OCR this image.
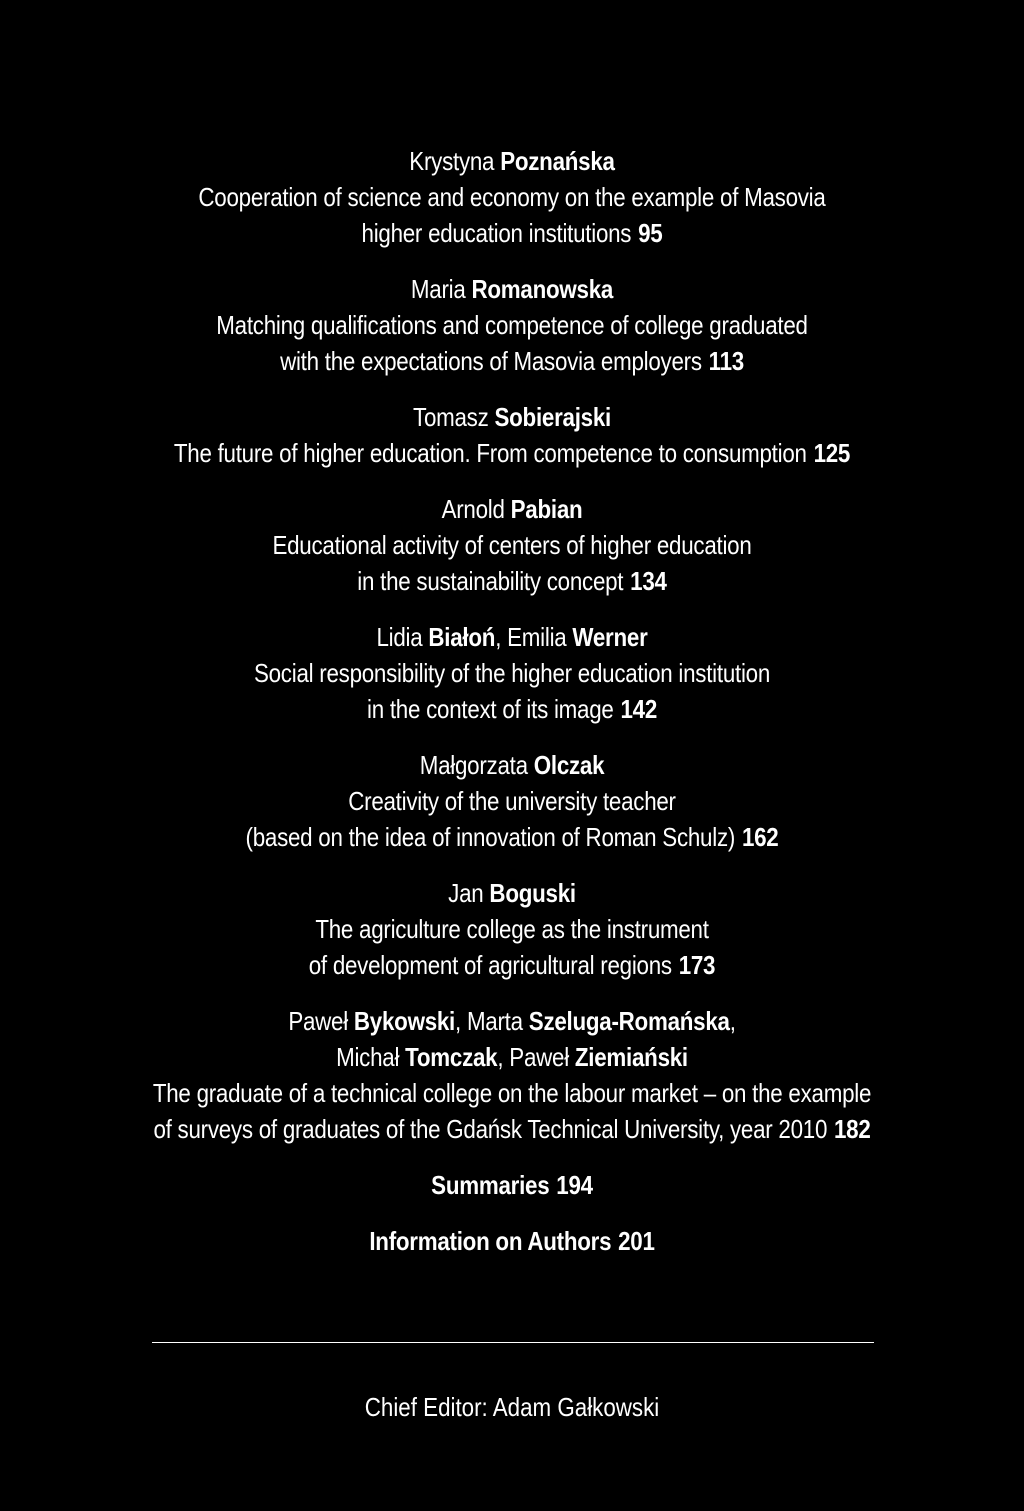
Krystyna Poznańska
Cooperation of science and economy on the example of Masovia
higher education institutions 95
Maria Romanowska
Matching qualifications and competence of college graduated
with the expectations of Masovia employers 113
Tomasz Sobierajski
The future of higher education. From competence to consumption 125
Arnold Pabian
Educational activity of centers of higher education
in the sustainability concept 134
Lidia Białoń, Emilia Werner
Social responsibility of the higher education institution
in the context of its image 142
Małgorzata Olczak
Creativity of the university teacher
(based on the idea of innovation of Roman Schulz) 162
Jan Boguski
The agriculture college as the instrument
of development of agricultural regions 173
Paweł Bykowski, Marta Szeluga-Romańska,
Michał Tomczak, Paweł Ziemiański
The graduate of a technical college on the labour market – on the example
of surveys of graduates of the Gdańsk Technical University, year 2010 182
Summaries 194
Information on Authors 201
Chief Editor: Adam Gałkowski
